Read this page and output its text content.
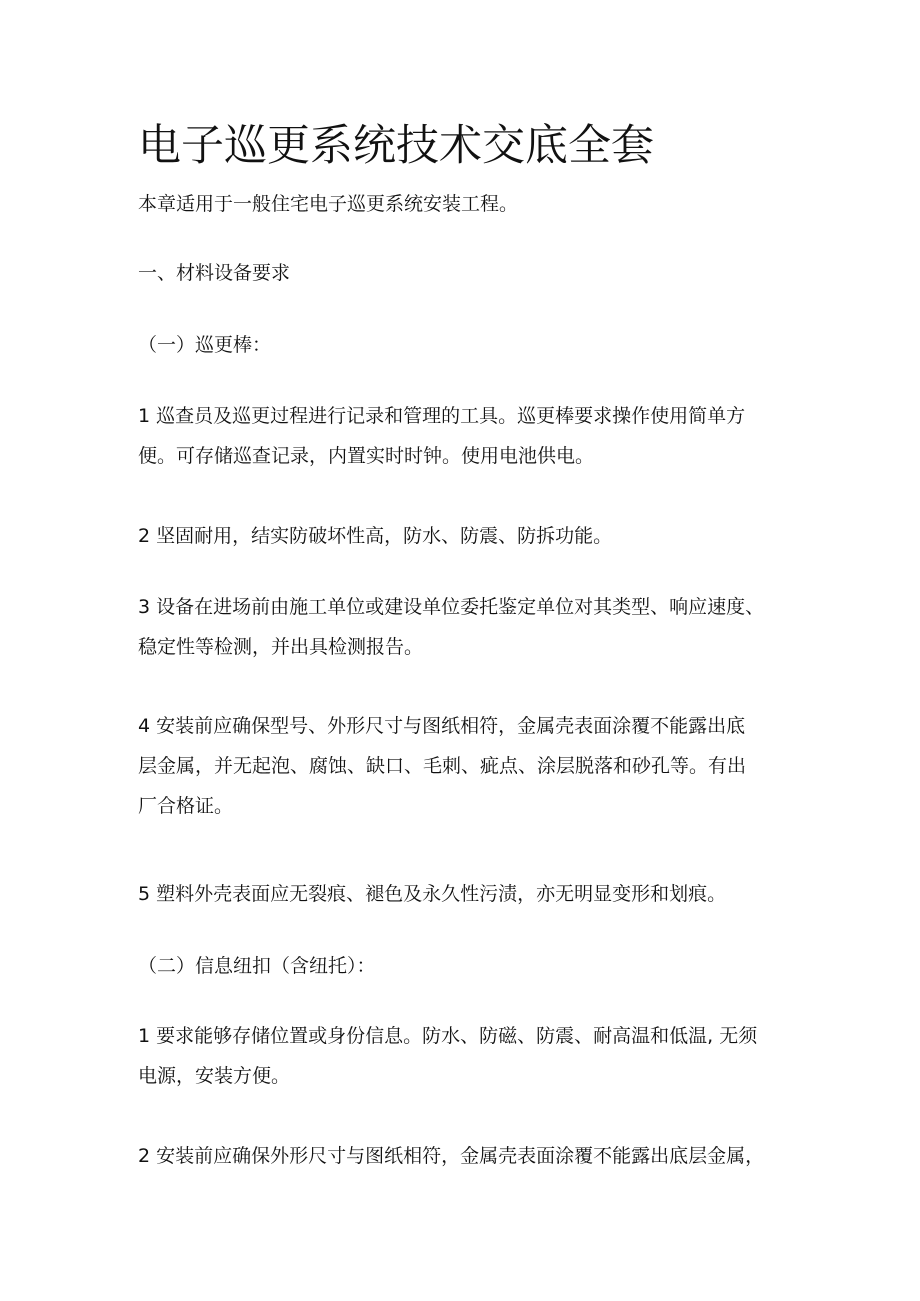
电子巡更系统技术交底全套

本章适用于一般住宅电子巡更系统安装工程。

一、材料设备要求

（一）巡更棒：

1 巡查员及巡更过程进行记录和管理的工具。巡更棒要求操作使用简单方
便。可存储巡查记录，内置实时时钟。使用电池供电。

2 坚固耐用，结实防破坏性高，防水、防震、防拆功能。

3 设备在进场前由施工单位或建设单位委托鉴定单位对其类型、响应速度、
稳定性等检测，并出具检测报告。

4 安装前应确保型号、外形尺寸与图纸相符，金属壳表面涂覆不能露出底
层金属，并无起泡、腐蚀、缺口、毛刺、疵点、涂层脱落和砂孔等。有出
厂合格证。

5 塑料外壳表面应无裂痕、褪色及永久性污渍，亦无明显变形和划痕。

（二）信息纽扣（含纽托）：

1 要求能够存储位置或身份信息。防水、防磁、防震、耐高温和低温, 无须
电源，安装方便。

2 安装前应确保外形尺寸与图纸相符，金属壳表面涂覆不能露出底层金属，
